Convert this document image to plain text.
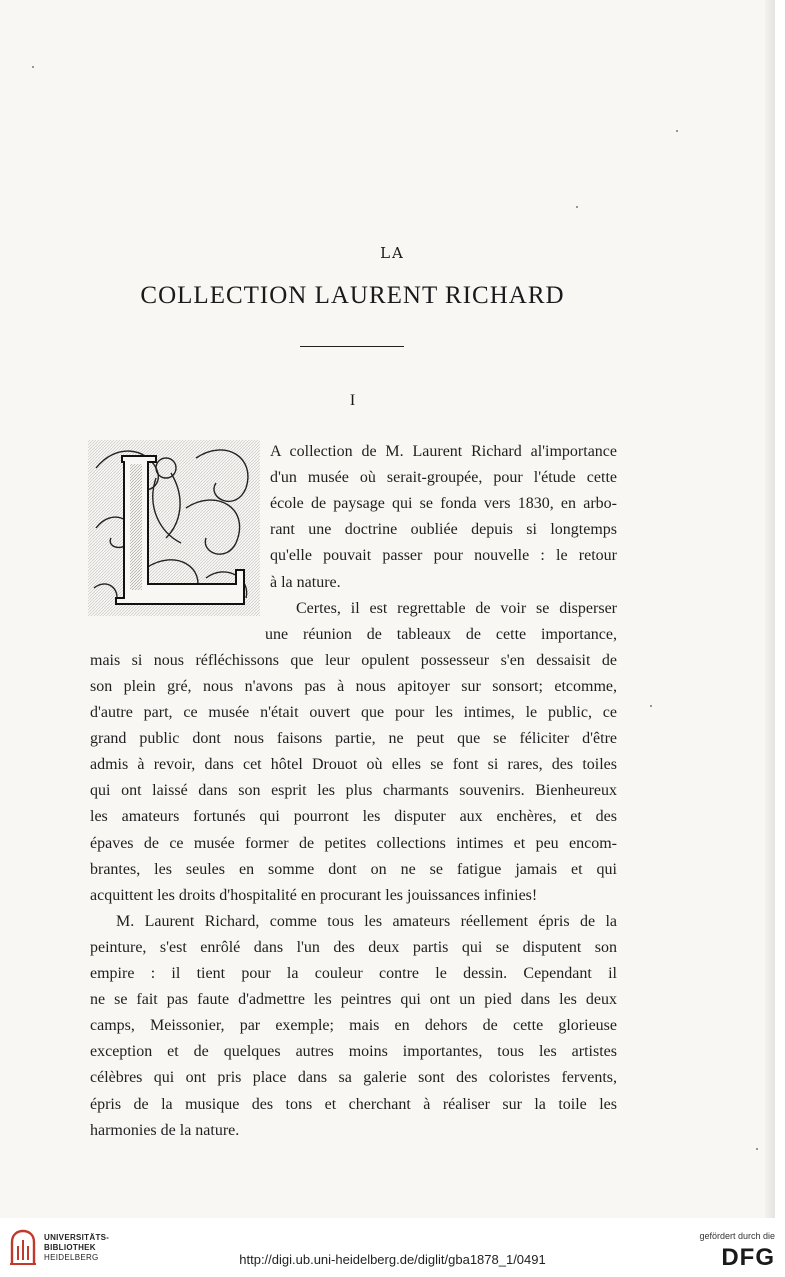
LA
COLLECTION LAURENT RICHARD
I
A collection de M. Laurent Richard al'importance
d'un musée où serait-groupée, pour l'étude cette
école de paysage qui se fonda vers 1830, en arbo-
rant une doctrine oubliée depuis si longtemps
qu'elle pouvait passer pour nouvelle : le retour
à la nature.
Certes, il est regrettable de voir se disperser
une réunion de tableaux de cette importance,
mais si nous réfléchissons que leur opulent possesseur s'en dessaisit de
son plein gré, nous n'avons pas à nous apitoyer sur sonsort; etcomme,
d'autre part, ce musée n'était ouvert que pour les intimes, le public, ce
grand public dont nous faisons partie, ne peut que se féliciter d'être
admis à revoir, dans cet hôtel Drouot où elles se font si rares, des toiles
qui ont laissé dans son esprit les plus charmants souvenirs. Bienheureux
les amateurs fortunés qui pourront les disputer aux enchères, et des
épaves de ce musée former de petites collections intimes et peu encom-
brantes, les seules en somme dont on ne se fatigue jamais et qui
acquittent les droits d'hospitalité en procurant les jouissances infinies!
M. Laurent Richard, comme tous les amateurs réellement épris de la
peinture, s'est enrôlé dans l'un des deux partis qui se disputent son
empire : il tient pour la couleur contre le dessin. Cependant il
ne se fait pas faute d'admettre les peintres qui ont un pied dans les deux
camps, Meissonier, par exemple; mais en dehors de cette glorieuse
exception et de quelques autres moins importantes, tous les artistes
célèbres qui ont pris place dans sa galerie sont des coloristes fervents,
épris de la musique des tons et cherchant à réaliser sur la toile les
harmonies de la nature.
UNIVERSITÄTS-
BIBLIOTHEK
HEIDELBERG	http://digi.ub.uni-heidelberg.de/diglit/gba1878_1/0491
gefördert durch die
DFG
